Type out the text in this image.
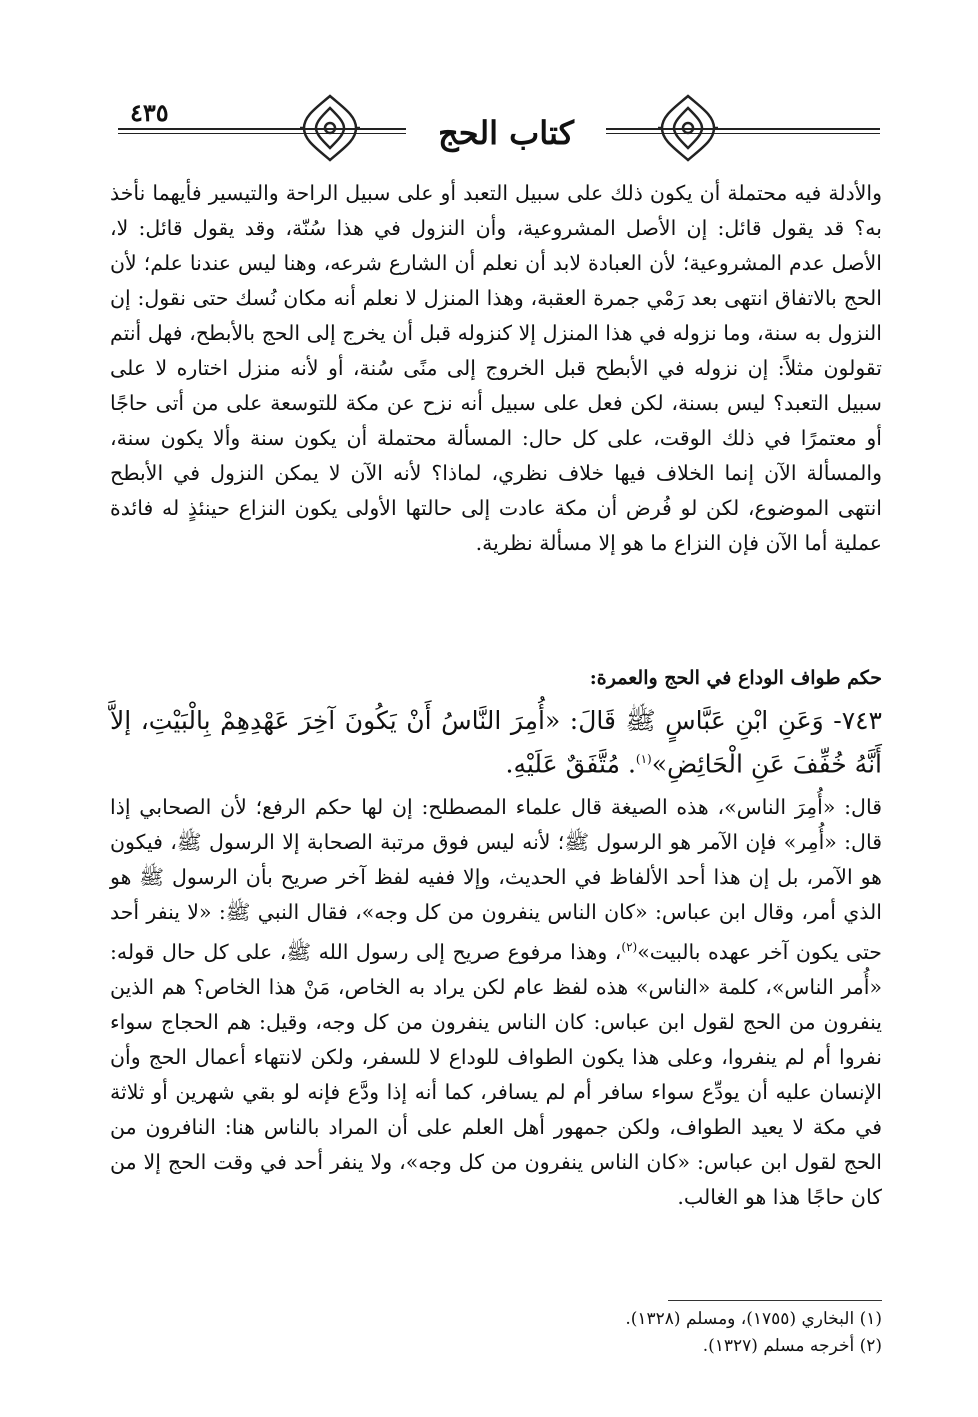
٤٣٥
كتاب الحج

والأدلة فيه محتملة أن يكون ذلك على سبيل التعبد أو على سبيل الراحة والتيسير فأيهما نأخذ به؟ قد يقول قائل: إن الأصل المشروعية، وأن النزول في هذا سُنّة، وقد يقول قائل: لا، الأصل عدم المشروعية؛ لأن العبادة لابد أن نعلم أن الشارع شرعه، وهنا ليس عندنا علم؛ لأن الحج بالاتفاق انتهى بعد رَمْي جمرة العقبة، وهذا المنزل لا نعلم أنه مكان نُسك حتى نقول: إن النزول به سنة، وما نزوله في هذا المنزل إلا كنزوله قبل أن يخرج إلى الحج بالأبطح، فهل أنتم تقولون مثلاً: إن نزوله في الأبطح قبل الخروج إلى منًى سُنة، أو لأنه منزل اختاره لا على سبيل التعبد؟ ليس بسنة، لكن فعل على سبيل أنه نزح عن مكة للتوسعة على من أتى حاجًا أو معتمرًا في ذلك الوقت، على كل حال: المسألة محتملة أن يكون سنة وألا يكون سنة، والمسألة الآن إنما الخلاف فيها خلاف نظري، لماذا؟ لأنه الآن لا يمكن النزول في الأبطح انتهى الموضوع، لكن لو فُرض أن مكة عادت إلى حالتها الأولى يكون النزاع حينئذٍ له فائدة عملية أما الآن فإن النزاع ما هو إلا مسألة نظرية.

حكم طواف الوداع في الحج والعمرة:

٧٤٣- وَعَنِ ابْنِ عَبَّاسٍ ﷺ قَالَ: «أُمِرَ النَّاسُ أَنْ يَكُونَ آخِرَ عَهْدِهِمْ بِالْبَيْتِ، إلاَّ أَنَّهُ خُفِّفَ عَنِ الْحَائِضِ»$^{(١)}$. مُتَّفَقٌ عَلَيْهِ.

قال: «أُمِرَ الناس»، هذه الصيغة قال علماء المصطلح: إن لها حكم الرفع؛ لأن الصحابي إذا قال: «أُمِر» فإن الآمر هو الرسول ﷺ؛ لأنه ليس فوق مرتبة الصحابة إلا الرسول ﷺ، فيكون هو الآمر، بل إن هذا أحد الألفاظ في الحديث، وإلا ففيه لفظ آخر صريح بأن الرسول ﷺ هو الذي أمر، وقال ابن عباس: «كان الناس ينفرون من كل وجه»، فقال النبي ﷺ: «لا ينفر أحد حتى يكون آخر عهده بالبيت»$^{(٢)}$، وهذا مرفوع صريح إلى رسول الله ﷺ، على كل حال قوله: «أُمر الناس»، كلمة «الناس» هذه لفظ عام لكن يراد به الخاص، مَنْ هذا الخاص؟ هم الذين ينفرون من الحج لقول ابن عباس: كان الناس ينفرون من كل وجه، وقيل: هم الحجاج سواء نفروا أم لم ينفروا، وعلى هذا يكون الطواف للوداع لا للسفر، ولكن لانتهاء أعمال الحج وأن الإنسان عليه أن يودِّع سواء سافر أم لم يسافر، كما أنه إذا ودَّع فإنه لو بقي شهرين أو ثلاثة في مكة لا يعيد الطواف، ولكن جمهور أهل العلم على أن المراد بالناس هنا: النافرون من الحج لقول ابن عباس: «كان الناس ينفرون من كل وجه»، ولا ينفر أحد في وقت الحج إلا من كان حاجًا هذا هو الغالب.

(١) البخاري (١٧٥٥)، ومسلم (١٣٢٨).

(٢) أخرجه مسلم (١٣٢٧).
